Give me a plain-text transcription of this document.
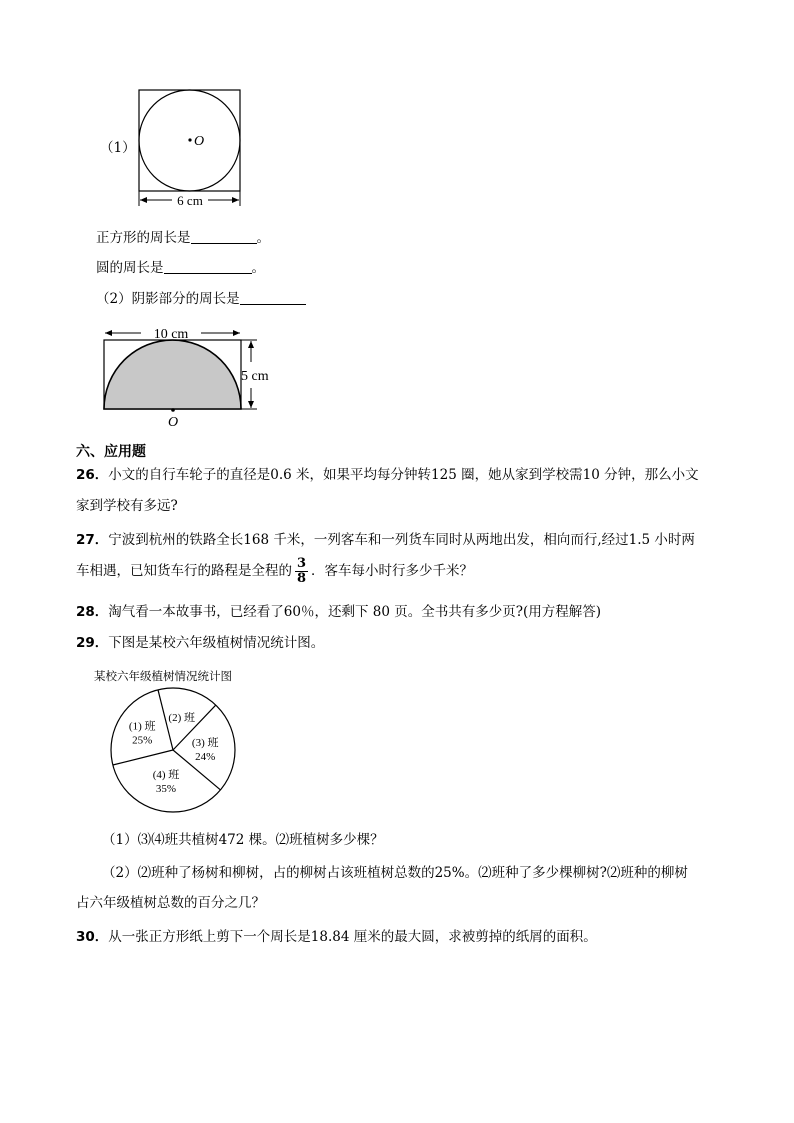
（1）	O
6 cm
正方形的周长是	。
圆的周长是	。
（2）阴影部分的周长是
10 cm
5 cm
O
六、应用题
26．小文的自行车轮子的直径是0.6 米，如果平均每分钟转125 圈，她从家到学校需10 分钟，那么小文
家到学校有多远?
27．宁波到杭州的铁路全长168 千米，一列客车和一列货车同时从两地出发，相向而行,经过1.5 小时两
车相遇，已知货车行的路程是全程的 $\frac{3}{8}$ ．客车每小时行多少千米？
28．淘气看一本故事书，已经看了60％，还剩下 80 页。全书共有多少页?(用方程解答)
29．下图是某校六年级植树情况统计图。
某校六年级植树情况统计图
(2) 班
(3) 班
24%
(4) 班
35%
(1) 班
25%
（1）⑶⑷班共植树472 棵。⑵班植树多少棵？
（2）⑵班种了杨树和柳树，占的柳树占该班植树总数的25%。⑵班种了多少棵柳树?⑵班种的柳树
占六年级植树总数的百分之几？
30．从一张正方形纸上剪下一个周长是18.84 厘米的最大圆，求被剪掉的纸屑的面积。
